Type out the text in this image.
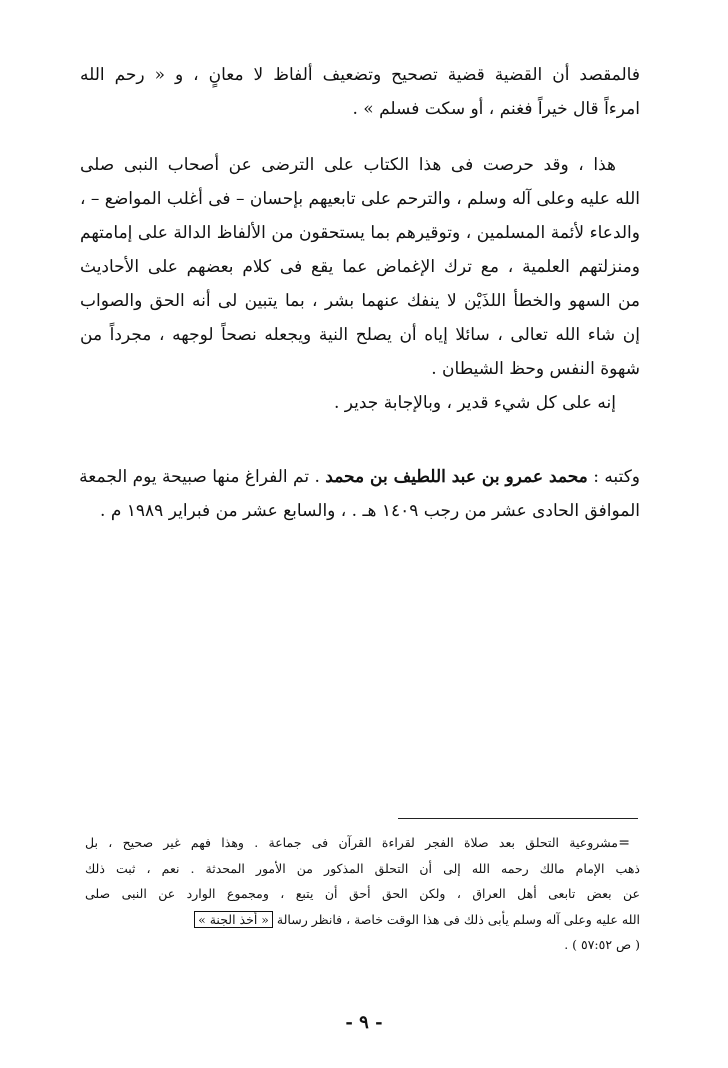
فالمقصد أن القضية قضية تصحيح وتضعيف ألفاظ لا معانٍ ، و « رحم الله
امرءاً قال خيراً فغنم ، أو سكت فسلم » .
هذا ، وقد حرصت فى هذا الكتاب على الترضى عن أصحاب النبى صلى
الله عليه وعلى آله وسلم ، والترحم على تابعيهم بإحسان – فى أغلب المواضع – ،
والدعاء لأئمة المسلمين ، وتوقيرهم بما يستحقون من الألفاظ الدالة على إمامتهم
ومنزلتهم العلمية ، مع ترك الإغماض عما يقع فى كلام بعضهم على الأحاديث
من السهو والخطأ اللذَيْن لا ينفك عنهما بشر ، بما يتبين لى أنه الحق والصواب
إن شاء الله تعالى ، سائلا إياه أن يصلح النية ويجعله نصحاً لوجهه ، مجرداً من
شهوة النفس وحظ الشيطان .
إنه على كل شيء قدير ، وبالإجابة جدير .
وكتبه : محمد عمرو بن عبد اللطيف بن محمد . تم الفراغ منها صبيحة يوم الجمعة
الموافق الحادى عشر من رجب ١٤٠٩ هـ . ، والسابع عشر من فبراير ١٩٨٩ م .
=
مشروعية التحلق بعد صلاة الفجر لقراءة القرآن فى جماعة . وهذا فهم غير صحيح ، بل
ذهب الإمام مالك رحمه الله إلى أن التحلق المذكور من الأمور المحدثة . نعم ، ثبت ذلك
عن بعض تابعى أهل العراق ، ولكن الحق أحق أن يتبع ، ومجموع الوارد عن النبى صلى
الله عليه وعلى آله وسلم يأبى ذلك فى هذا الوقت خاصة ، فانظر رسالة « أخذ الجنة »
( ص ٥٧:٥٢ ) .
- ٩ -
